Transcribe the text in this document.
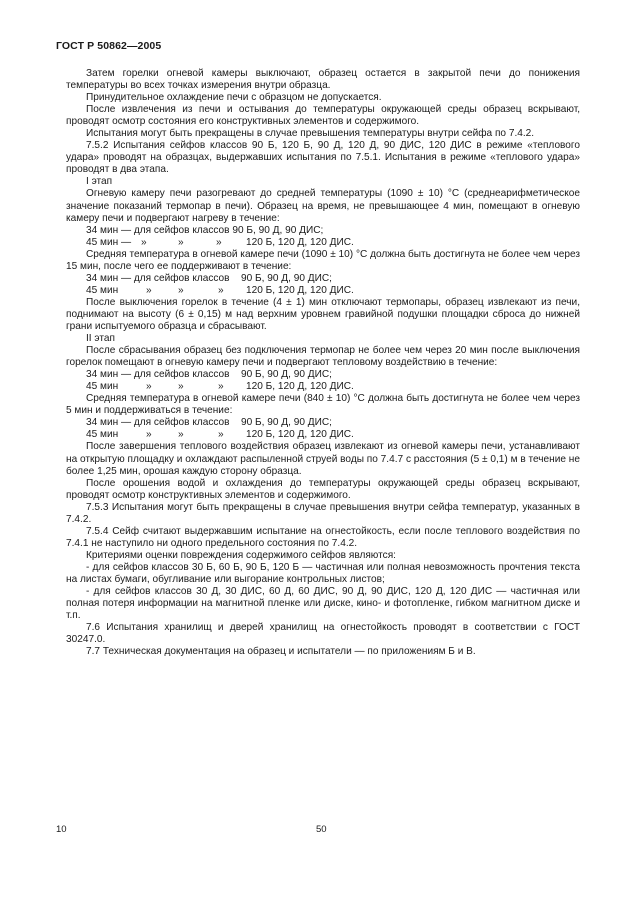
ГОСТ Р 50862—2005

Затем горелки огневой камеры выключают, образец остается в закрытой печи до понижения температуры во всех точках измерения внутри образца.

Принудительное охлаждение печи с образцом не допускается.

После извлечения из печи и остывания до температуры окружающей среды образец вскрывают, проводят осмотр состояния его конструктивных элементов и содержимого.

Испытания могут быть прекращены в случае превышения температуры внутри сейфа по 7.4.2.

7.5.2 Испытания сейфов классов 90 Б, 120 Б, 90 Д, 120 Д, 90 ДИС, 120 ДИС в режиме «теплового удара» проводят на образцах, выдержавших испытания по 7.5.1. Испытания в режиме «теплового удара» проводят в два этапа.

I этап

Огневую камеру печи разогревают до средней температуры (1090 ± 10) °С (среднеарифметическое значение показаний термопар в печи). Образец на время, не превышающее 4 мин, помещают в огневую камеру печи и подвергают нагреву в течение:

34 мин — для сейфов классов 90 Б, 90 Д, 90 ДИС;
45 мин — »	»	» 120 Б, 120 Д, 120 ДИС.

Средняя температура в огневой камере печи (1090 ± 10) °С должна быть достигнута не более чем через 15 мин, после чего ее поддерживают в течение:

34 мин — для сейфов классов 90 Б, 90 Д, 90 ДИС;
45 мин	»	»	» 120 Б, 120 Д, 120 ДИС.

После выключения горелок в течение (4 ± 1) мин отключают термопары, образец извлекают из печи, поднимают на высоту (6 ± 0,15) м над верхним уровнем гравийной подушки площадки сброса до нижней грани испытуемого образца и сбрасывают.

II этап

После сбрасывания образец без подключения термопар не более чем через 20 мин после выключения горелок помещают в огневую камеру печи и подвергают тепловому воздействию в течение:

34 мин — для сейфов классов 90 Б, 90 Д, 90 ДИС;
45 мин	»	»	» 120 Б, 120 Д, 120 ДИС.

Средняя температура в огневой камере печи (840 ± 10) °С должна быть достигнута не более чем через 5 мин и поддерживаться в течение:

34 мин — для сейфов классов 90 Б, 90 Д, 90 ДИС;
45 мин	»	»	» 120 Б, 120 Д, 120 ДИС.

После завершения теплового воздействия образец извлекают из огневой камеры печи, устанавливают на открытую площадку и охлаждают распыленной струей воды по 7.4.7 с расстояния (5 ± 0,1) м в течение не более 1,25 мин, орошая каждую сторону образца.

После орошения водой и охлаждения до температуры окружающей среды образец вскрывают, проводят осмотр конструктивных элементов и содержимого.

7.5.3 Испытания могут быть прекращены в случае превышения внутри сейфа температур, указанных в 7.4.2.

7.5.4 Сейф считают выдержавшим испытание на огнестойкость, если после теплового воздействия по 7.4.1 не наступило ни одного предельного состояния по 7.4.2.

Критериями оценки повреждения содержимого сейфов являются:

- для сейфов классов 30 Б, 60 Б, 90 Б, 120 Б — частичная или полная невозможность прочтения текста на листах бумаги, обугливание или выгорание контрольных листов;

- для сейфов классов 30 Д, 30 ДИС, 60 Д, 60 ДИС, 90 Д, 90 ДИС, 120 Д, 120 ДИС — частичная или полная потеря информации на магнитной пленке или диске, кино- и фотопленке, гибком магнитном диске и т.п.

7.6 Испытания хранилищ и дверей хранилищ на огнестойкость проводят в соответствии с ГОСТ 30247.0.

7.7 Техническая документация на образец и испытатели — по приложениям Б и В.

10	50
